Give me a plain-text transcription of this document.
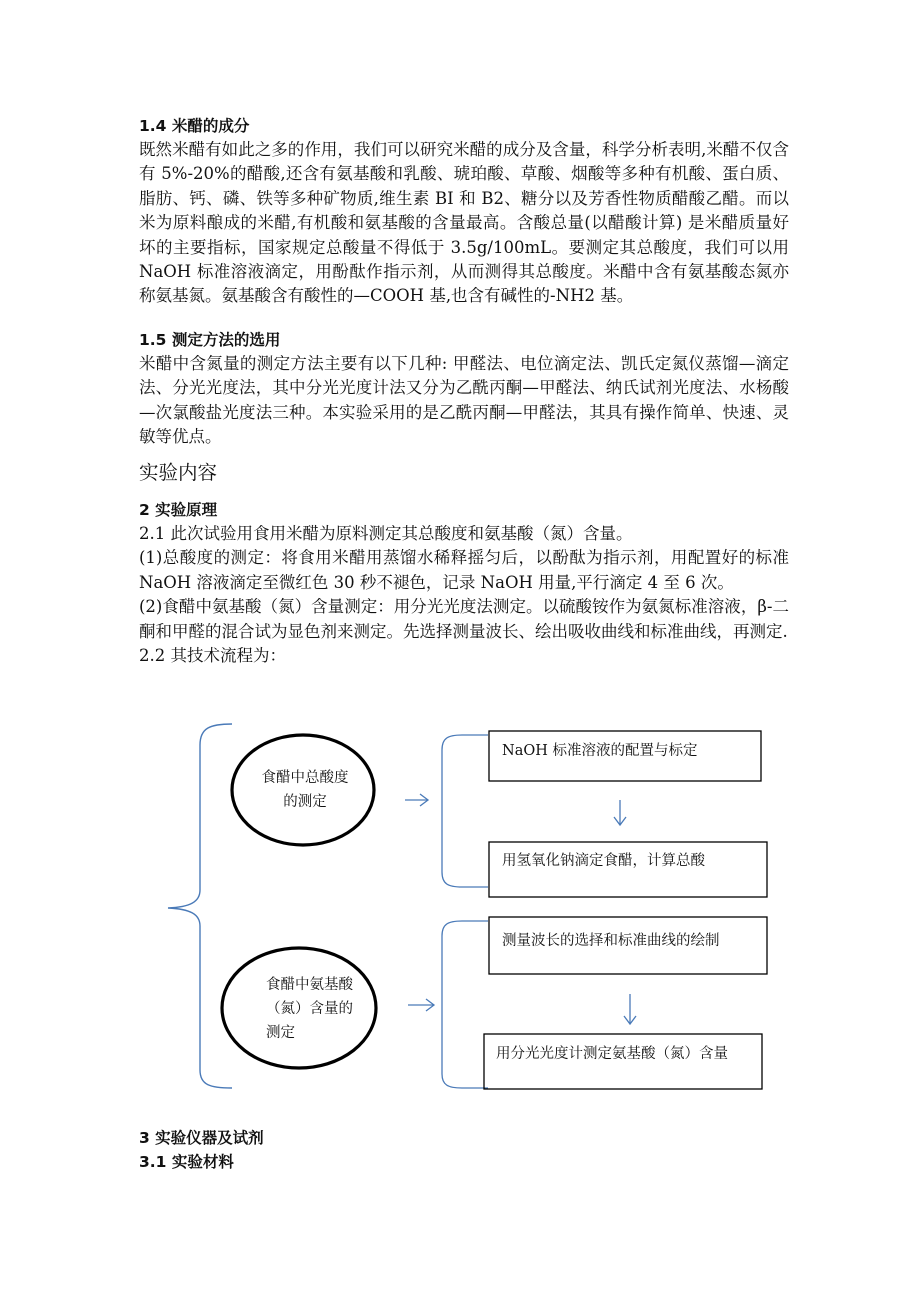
1.4 米醋的成分

既然米醋有如此之多的作用，我们可以研究米醋的成分及含量，科学分析表明,米醋不仅含有 5%-20%的醋酸,还含有氨基酸和乳酸、琥珀酸、草酸、烟酸等多种有机酸、蛋白质、脂肪、钙、磷、铁等多种矿物质,维生素 BI 和 B2、糖分以及芳香性物质醋酸乙醋。而以米为原料酿成的米醋,有机酸和氨基酸的含量最高。含酸总量(以醋酸计算) 是米醋质量好坏的主要指标，国家规定总酸量不得低于 3.5g/100mL。要测定其总酸度，我们可以用 NaOH 标准溶液滴定，用酚酞作指示剂，从而测得其总酸度。米醋中含有氨基酸态氮亦称氨基氮。氨基酸含有酸性的—COOH 基,也含有碱性的-NH2 基。

1.5 测定方法的选用

米醋中含氮量的测定方法主要有以下几种: 甲醛法、电位滴定法、凯氏定氮仪蒸馏—滴定法、分光光度法，其中分光光度计法又分为乙酰丙酮—甲醛法、纳氏试剂光度法、水杨酸—次氯酸盐光度法三种。本实验采用的是乙酰丙酮—甲醛法，其具有操作简单、快速、灵敏等优点。

实验内容

2 实验原理

2.1 此次试验用食用米醋为原料测定其总酸度和氨基酸（氮）含量。

(1)总酸度的测定：将食用米醋用蒸馏水稀释摇匀后，以酚酞为指示剂，用配置好的标准 NaOH 溶液滴定至微红色 30 秒不褪色，记录 NaOH 用量,平行滴定 4 至 6 次。

(2)食醋中氨基酸（氮）含量测定：用分光光度法测定。以硫酸铵作为氨氮标准溶液，β-二酮和甲醛的混合试为显色剂来测定。先选择测量波长、绘出吸收曲线和标准曲线，再测定.

2.2 其技术流程为：

食醋中总酸度
的测定
食醋中氨基酸
（氮）含量的
测定
NaOH 标准溶液的配置与标定
用氢氧化钠滴定食醋，计算总酸
测量波长的选择和标准曲线的绘制
用分光光度计测定氨基酸（氮）含量

3 实验仪器及试剂

3.1 实验材料
